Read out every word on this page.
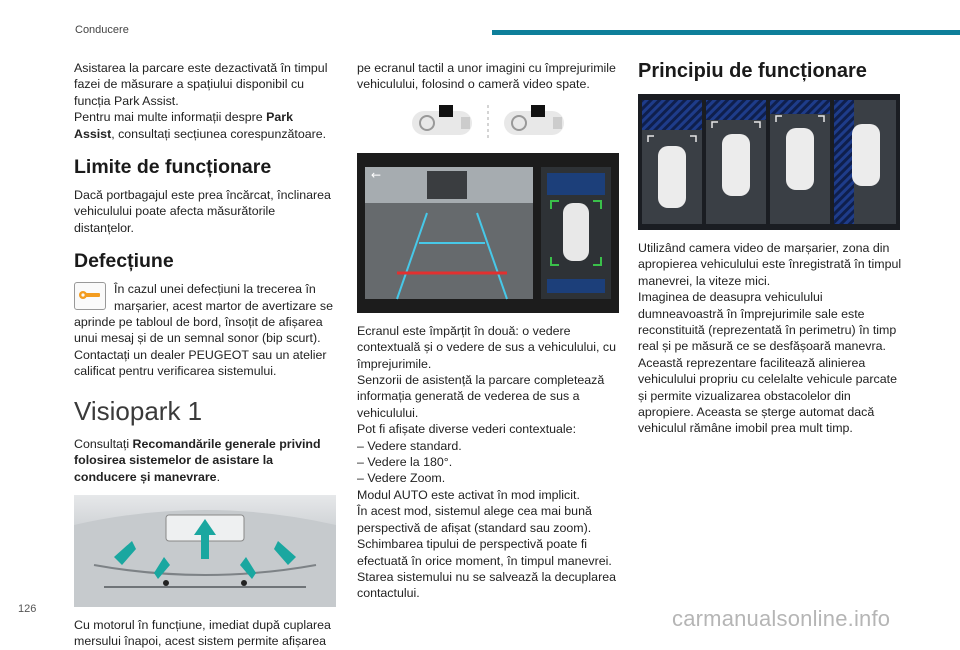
Conducere

Asistarea la parcare este dezactivată în timpul fazei de măsurare a spațiului disponibil cu funcția Park Assist.
Pentru mai multe informații despre Park Assist, consultați secțiunea corespunzătoare.

Limite de funcționare

Dacă portbagajul este prea încărcat, înclinarea vehiculului poate afecta măsurătorile distanțelor.

Defecțiune

În cazul unei defecțiuni la trecerea în marșarier, acest martor de avertizare se aprinde pe tabloul de bord, însoțit de afișarea unui mesaj și de un semnal sonor (bip scurt).

Contactați un dealer PEUGEOT sau un atelier calificat pentru verificarea sistemului.

Visiopark 1

Consultați Recomandările generale privind folosirea sistemelor de asistare la conducere și manevrare.

Cu motorul în funcțiune, imediat după cuplarea mersului înapoi, acest sistem permite afișarea

pe ecranul tactil a unor imagini cu împrejurimile vehiculului, folosind o cameră video spate.

←

Ecranul este împărțit în două: o vedere contextuală și o vedere de sus a vehiculului, cu împrejurimile.

Senzorii de asistență la parcare completează informația generată de vederea de sus a vehiculului.

Pot fi afișate diverse vederi contextuale:

– Vedere standard.

– Vedere la 180°.

– Vedere Zoom.

Modul AUTO este activat în mod implicit.

În acest mod, sistemul alege cea mai bună perspectivă de afișat (standard sau zoom).

Schimbarea tipului de perspectivă poate fi efectuată în orice moment, în timpul manevrei.

Starea sistemului nu se salvează la decuplarea contactului.

Principiu de funcționare

Utilizând camera video de marșarier, zona din apropierea vehiculului este înregistrată în timpul manevrei, la viteze mici.

Imaginea de deasupra vehiculului dumneavoastră în împrejurimile sale este reconstituită (reprezentată în perimetru) în timp real și pe măsură ce se desfășoară manevra.

Această reprezentare facilitează alinierea vehiculului propriu cu celelalte vehicule parcate și permite vizualizarea obstacolelor din apropiere. Aceasta se șterge automat dacă vehiculul rămâne imobil prea mult timp.

126	carmanualsonline.info
